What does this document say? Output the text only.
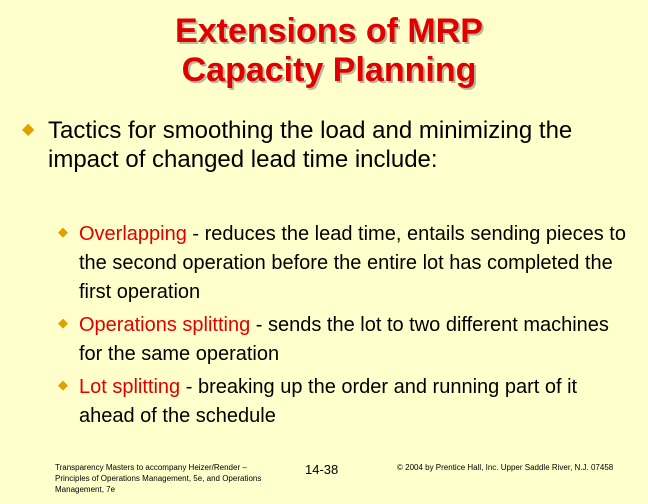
Extensions of MRP
Capacity Planning
◆ Tactics for smoothing the load and minimizing the impact of changed lead time include:
◆ Overlapping - reduces the lead time, entails sending pieces to the second operation before the entire lot has completed the first operation
◆ Operations splitting - sends the lot to two different machines for the same operation
◆ Lot splitting - breaking up the order and running part of it ahead of the schedule
Transparency Masters to accompany Heizer/Render – Principles of Operations Management, 5e, and Operations Management, 7e
14-38	© 2004 by Prentice Hall, Inc. Upper Saddle River, N.J. 07458
